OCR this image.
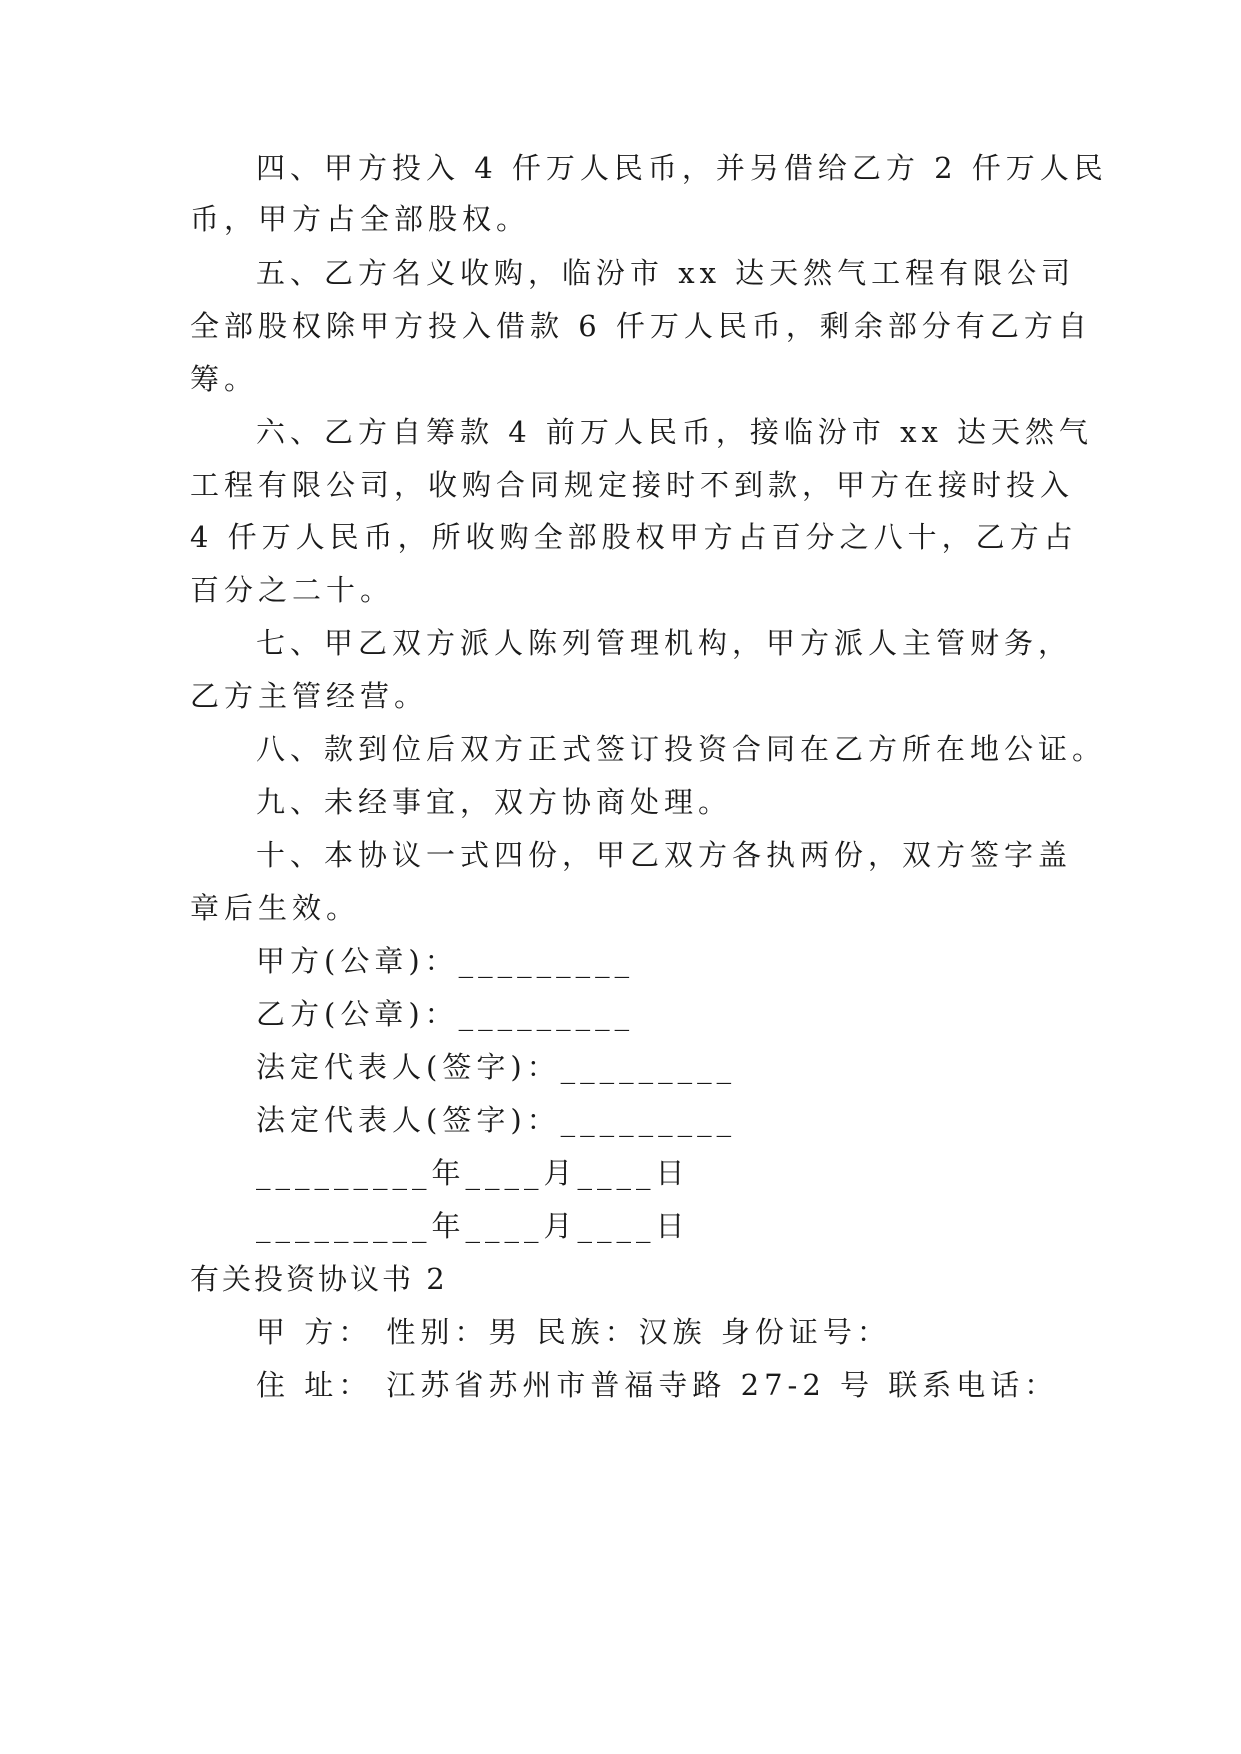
四、甲方投入 4 仟万人民币，并另借给乙方 2 仟万人民
币，甲方占全部股权。
五、乙方名义收购，临汾市 xx 达天然气工程有限公司
全部股权除甲方投入借款 6 仟万人民币，剩余部分有乙方自
筹。
六、乙方自筹款 4 前万人民币，接临汾市 xx 达天然气
工程有限公司，收购合同规定接时不到款，甲方在接时投入
4 仟万人民币，所收购全部股权甲方占百分之八十，乙方占
百分之二十。
七、甲乙双方派人陈列管理机构，甲方派人主管财务，
乙方主管经营。
八、款到位后双方正式签订投资合同在乙方所在地公证。
九、未经事宜，双方协商处理。
十、本协议一式四份，甲乙双方各执两份，双方签字盖
章后生效。
甲方(公章)：_________
乙方(公章)：_________
法定代表人(签字)：_________
法定代表人(签字)：_________
_________年____月____日
_________年____月____日
有关投资协议书 2
甲 方： 性别：男 民族：汉族 身份证号：
住 址： 江苏省苏州市普福寺路 27-2 号 联系电话：
